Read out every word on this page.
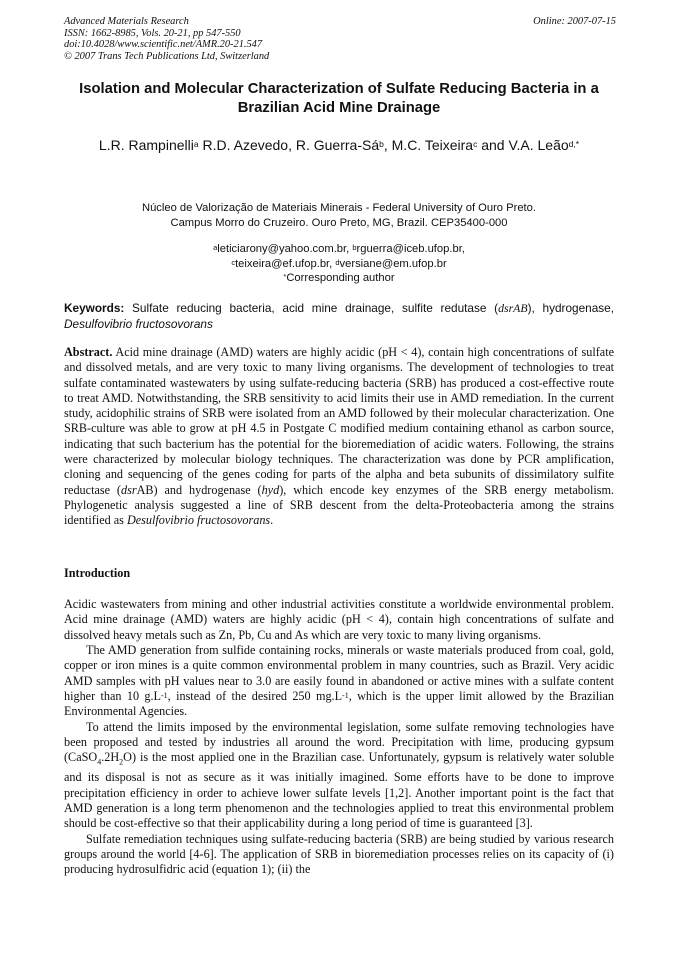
Advanced Materials Research
ISSN: 1662-8985, Vols. 20-21, pp 547-550
doi:10.4028/www.scientific.net/AMR.20-21.547
© 2007 Trans Tech Publications Ltd, Switzerland
Online: 2007-07-15
Isolation and Molecular Characterization of Sulfate Reducing Bacteria in a Brazilian Acid Mine Drainage
L.R. Rampinelli$^a$ R.D. Azevedo, R. Guerra-$Sá^b$, M.C. Teixeira$^c$ and V.A. Leão$^{d,*}$
Núcleo de Valorização de Materiais Minerais - Federal University of Ouro Preto.
Campus Morro do Cruzeiro. Ouro Preto, MG, Brazil. CEP35400-000
$^a$leticiarony@yahoo.com.br, $^b$rguerra@iceb.ufop.br,
$^c$teixeira@ef.ufop.br, $^d$versiane@em.ufop.br
*Corresponding author
Keywords: Sulfate reducing bacteria, acid mine drainage, sulfite redutase (dsrAB), hydrogenase, Desulfovibrio fructosovorans
Abstract. Acid mine drainage (AMD) waters are highly acidic (pH < 4), contain high concentrations of sulfate and dissolved metals, and are very toxic to many living organisms. The development of technologies to treat sulfate contaminated wastewaters by using sulfate-reducing bacteria (SRB) has produced a cost-effective route to treat AMD. Notwithstanding, the SRB sensitivity to acid limits their use in AMD remediation. In the current study, acidophilic strains of SRB were isolated from an AMD followed by their molecular characterization. One SRB-culture was able to grow at pH 4.5 in Postgate C modified medium containing ethanol as carbon source, indicating that such bacterium has the potential for the bioremediation of acidic waters. Following, the strains were characterized by molecular biology techniques. The characterization was done by PCR amplification, cloning and sequencing of the genes coding for parts of the alpha and beta subunits of dissimilatory sulfite reductase (dsrAB) and hydrogenase (hyd), which encode key enzymes of the SRB energy metabolism. Phylogenetic analysis suggested a line of SRB descent from the delta-Proteobacteria among the strains identified as Desulfovibrio fructosovorans.
Introduction

Acidic wastewaters from mining and other industrial activities constitute a worldwide environmental problem. Acid mine drainage (AMD) waters are highly acidic (pH < 4), contain high concentrations of sulfate and dissolved heavy metals such as Zn, Pb, Cu and As which are very toxic to many living organisms.

The AMD generation from sulfide containing rocks, minerals or waste materials produced from coal, gold, copper or iron mines is a quite common environmental problem in many countries, such as Brazil. Very acidic AMD samples with pH values near to 3.0 are easily found in abandoned or active mines with a sulfate content higher than 10 $g.L^{-1}$, instead of the desired 250 $mg.L^{-1}$, which is the upper limit allowed by the Brazilian Environmental Agencies.

To attend the limits imposed by the environmental legislation, some sulfate removing technologies have been proposed and tested by industries all around the word. Precipitation with lime, producing gypsum $(CaSO_4.2H_2O)$ is the most applied one in the Brazilian case. Unfortunately, gypsum is relatively water soluble and its disposal is not as secure as it was initially imagined. Some efforts have to be done to improve precipitation efficiency in order to achieve lower sulfate levels [1,2]. Another important point is the fact that AMD generation is a long term phenomenon and the technologies applied to treat this environmental problem should be cost-effective so that their applicability during a long period of time is guaranteed [3].

Sulfate remediation techniques using sulfate-reducing bacteria (SRB) are being studied by various research groups around the world [4-6]. The application of SRB in bioremediation processes relies on its capacity of (i) producing hydrosulfidric acid (equation 1); (ii) the
